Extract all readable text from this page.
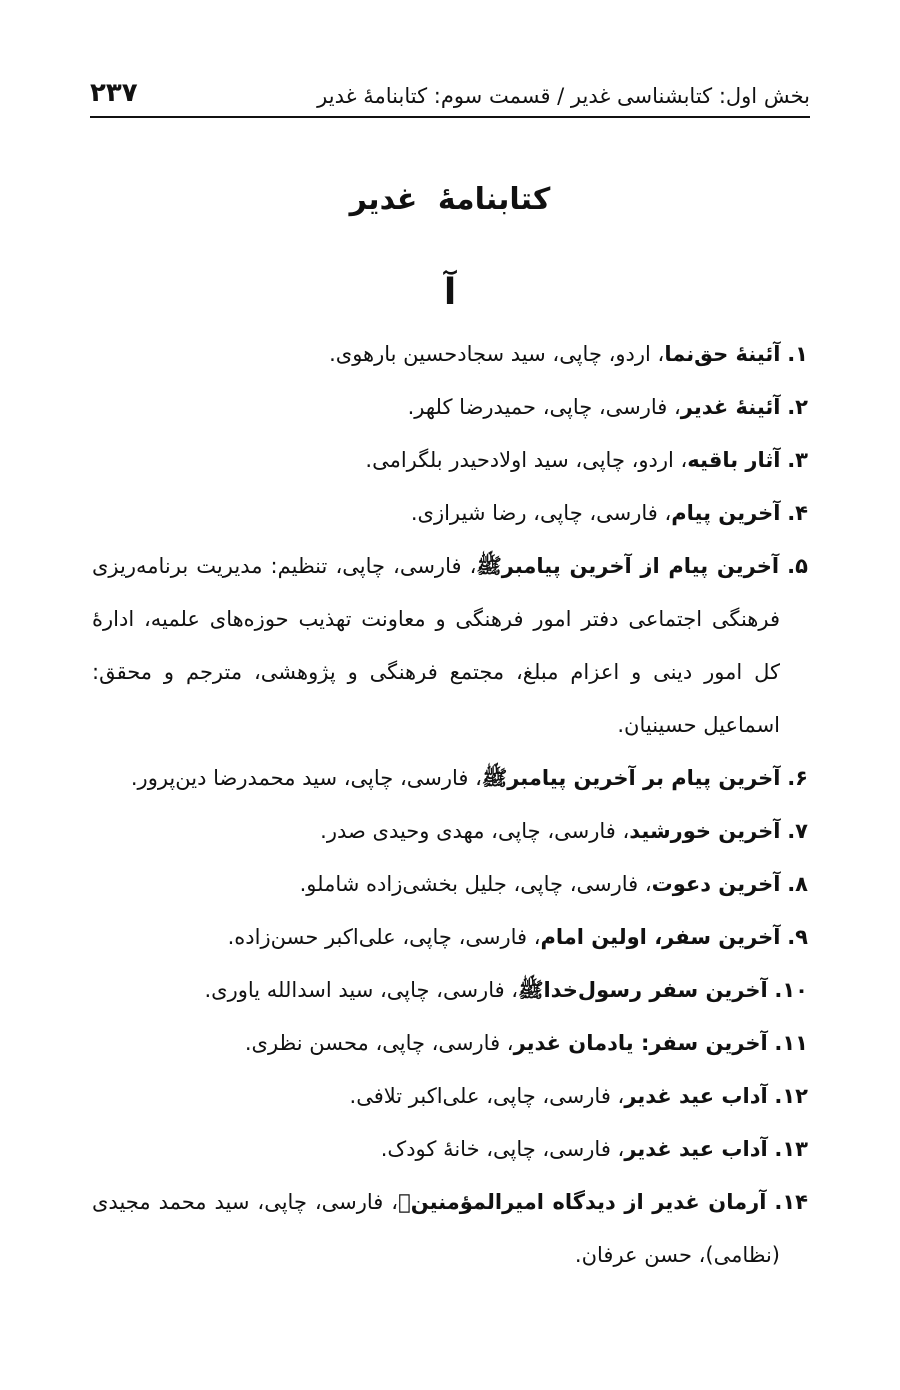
بخش اول: کتابشناسی غدیر / قسمت سوم: کتابنامۀ غدیر
۲۳۷
کتابنامۀ غدیر
آ
۱. آئینۀ حق‌نما، اردو، چاپی، سید سجادحسین بارهوی.
۲. آئینۀ غدیر، فارسی، چاپی، حمیدرضا کلهر.
۳. آثار باقیه، اردو، چاپی، سید اولادحیدر بلگرامی.
۴. آخرین پیام، فارسی، چاپی، رضا شیرازی.
۵. آخرین پیام از آخرین پیامبرﷺ، فارسی، چاپی، تنظیم: مدیریت برنامه‌ریزی فرهنگی اجتماعی دفتر امور فرهنگی و معاونت تهذیب حوزه‌های علمیه، ادارۀ کل امور دینی و اعزام مبلغ، مجتمع فرهنگی و پژوهشی، مترجم و محقق: اسماعیل حسینیان.
۶. آخرین پیام بر آخرین پیامبرﷺ، فارسی، چاپی، سید محمدرضا دین‌پرور.
۷. آخرین خورشید، فارسی، چاپی، مهدی وحیدی صدر.
۸. آخرین دعوت، فارسی، چاپی، جلیل بخشی‌زاده شاملو.
۹. آخرین سفر، اولین امام، فارسی، چاپی، علی‌اکبر حسن‌زاده.
۱۰. آخرین سفر رسول‌خداﷺ، فارسی، چاپی، سید اسدالله یاوری.
۱۱. آخرین سفر: یادمان غدیر، فارسی، چاپی، محسن نظری.
۱۲. آداب عید غدیر، فارسی، چاپی، علی‌اکبر تلافی.
۱۳. آداب عید غدیر، فارسی، چاپی، خانۀ کودک.
۱۴. آرمان غدیر از دیدگاه امیرالمؤمنینؑ، فارسی، چاپی، سید محمد مجیدی (نظامی)، حسن عرفان.
